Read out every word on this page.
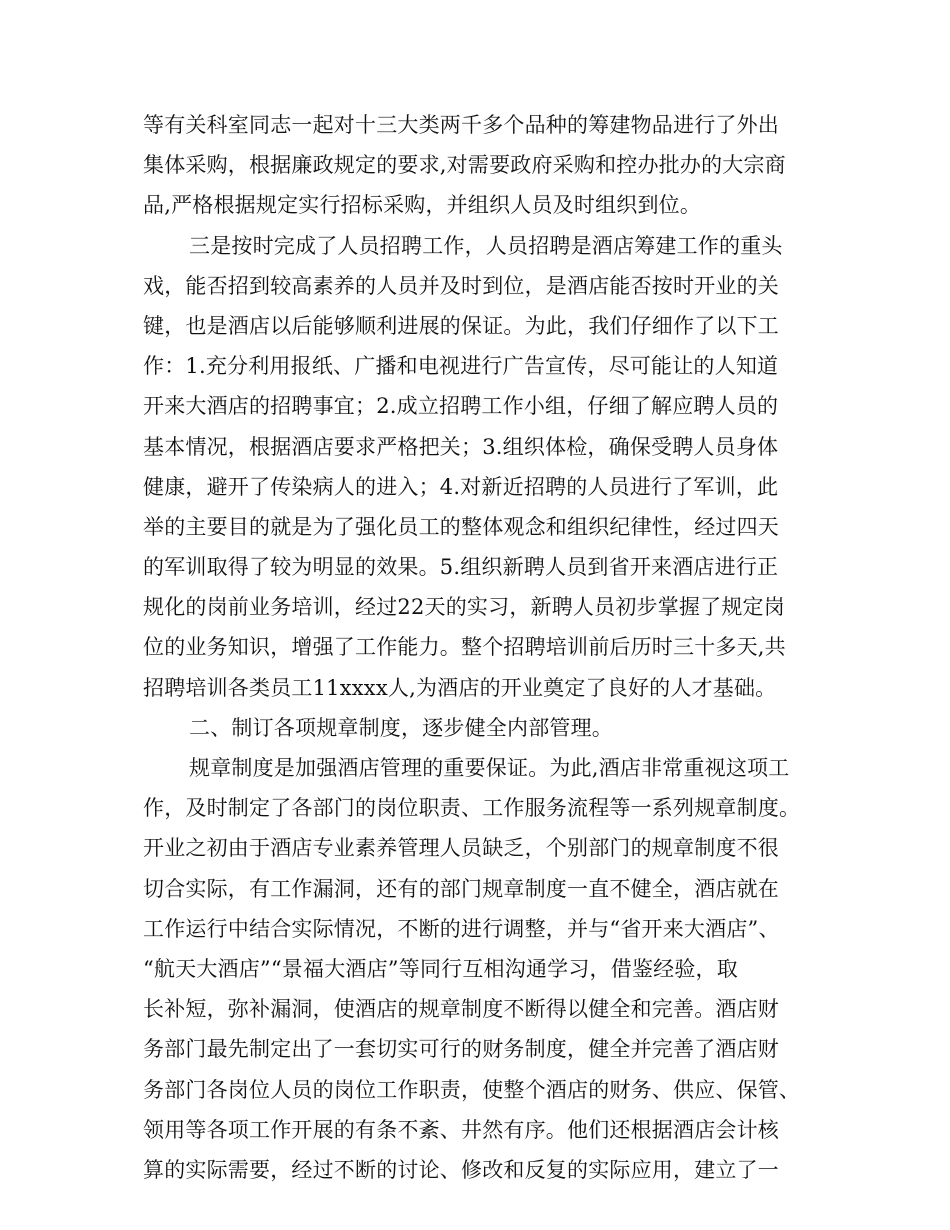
等有关科室同志一起对十三大类两千多个品种的筹建物品进行了外出
集体采购，根据廉政规定的要求,对需要政府采购和控办批办的大宗商
品,严格根据规定实行招标采购，并组织人员及时组织到位。
三是按时完成了人员招聘工作，人员招聘是酒店筹建工作的重头
戏，能否招到较高素养的人员并及时到位，是酒店能否按时开业的关
键，也是酒店以后能够顺利进展的保证。为此，我们仔细作了以下工
作：1.充分利用报纸、广播和电视进行广告宣传，尽可能让的人知道
开来大酒店的招聘事宜；2.成立招聘工作小组，仔细了解应聘人员的
基本情况，根据酒店要求严格把关；3.组织体检，确保受聘人员身体
健康，避开了传染病人的进入；4.对新近招聘的人员进行了军训，此
举的主要目的就是为了强化员工的整体观念和组织纪律性，经过四天
的军训取得了较为明显的效果。5.组织新聘人员到省开来酒店进行正
规化的岗前业务培训，经过22天的实习，新聘人员初步掌握了规定岗
位的业务知识，增强了工作能力。整个招聘培训前后历时三十多天,共
招聘培训各类员工11xxxx人,为酒店的开业奠定了良好的人才基础。
二、制订各项规章制度，逐步健全内部管理。
规章制度是加强酒店管理的重要保证。为此,酒店非常重视这项工
作，及时制定了各部门的岗位职责、工作服务流程等一系列规章制度。
开业之初由于酒店专业素养管理人员缺乏，个别部门的规章制度不很
切合实际，有工作漏洞，还有的部门规章制度一直不健全，酒店就在
工作运行中结合实际情况，不断的进行调整，并与“省开来大酒店”、
“航天大酒店”“景福大酒店”等同行互相沟通学习，借鉴经验，取
长补短，弥补漏洞，使酒店的规章制度不断得以健全和完善。酒店财
务部门最先制定出了一套切实可行的财务制度，健全并完善了酒店财
务部门各岗位人员的岗位工作职责，使整个酒店的财务、供应、保管、
领用等各项工作开展的有条不紊、井然有序。他们还根据酒店会计核
算的实际需要，经过不断的讨论、修改和反复的实际应用，建立了一
